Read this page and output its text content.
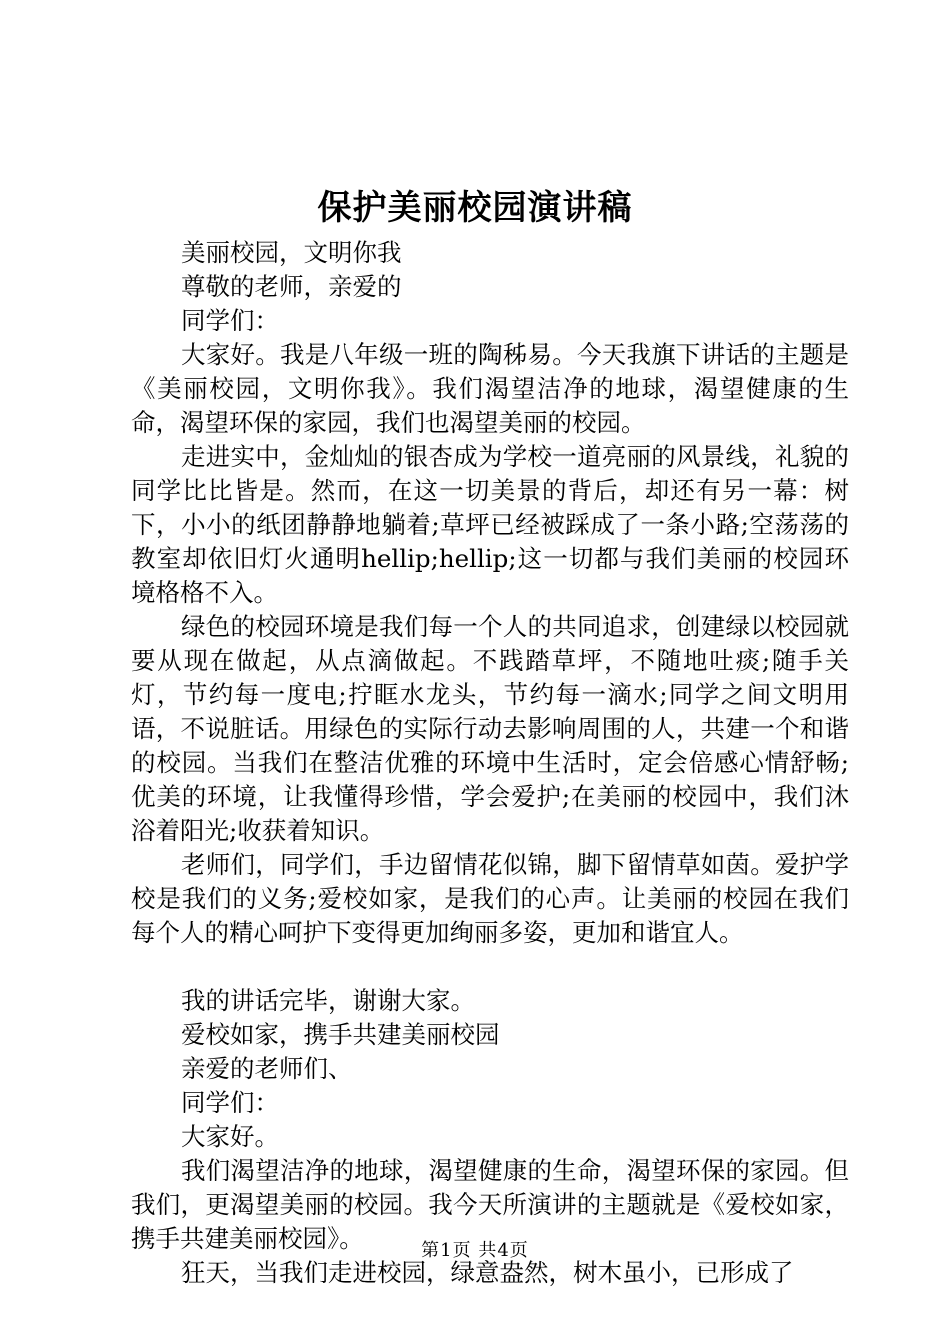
保护美丽校园演讲稿

美丽校园，文明你我

尊敬的老师，亲爱的

同学们：

大家好。我是八年级一班的陶秭易。今天我旗下讲话的主题是《美丽校园，文明你我》。我们渴望洁净的地球，渴望健康的生命，渴望环保的家园，我们也渴望美丽的校园。

走进实中，金灿灿的银杏成为学校一道亮丽的风景线，礼貌的同学比比皆是。然而，在这一切美景的背后，却还有另一幕：树下，小小的纸团静静地躺着;草坪已经被踩成了一条小路;空荡荡的教室却依旧灯火通明hellip;hellip;这一切都与我们美丽的校园环境格格不入。

绿色的校园环境是我们每一个人的共同追求，创建绿以校园就要从现在做起，从点滴做起。不践踏草坪，不随地吐痰;随手关灯，节约每一度电;拧眶水龙头，节约每一滴水;同学之间文明用语，不说脏话。用绿色的实际行动去影响周围的人，共建一个和谐的校园。当我们在整洁优雅的环境中生活时，定会倍感心情舒畅;优美的环境，让我懂得珍惜，学会爱护;在美丽的校园中，我们沐浴着阳光;收获着知识。

老师们，同学们，手边留情花似锦，脚下留情草如茵。爱护学校是我们的义务;爱校如家，是我们的心声。让美丽的校园在我们每个人的精心呵护下变得更加绚丽多姿，更加和谐宜人。

我的讲话完毕，谢谢大家。

爱校如家，携手共建美丽校园

亲爱的老师们、

同学们：

大家好。

我们渴望洁净的地球，渴望健康的生命，渴望环保的家园。但我们，更渴望美丽的校园。我今天所演讲的主题就是《爱校如家，携手共建美丽校园》。

狂天，当我们走进校园，绿意盎然，树木虽小，已形成了

第1页 共4页
